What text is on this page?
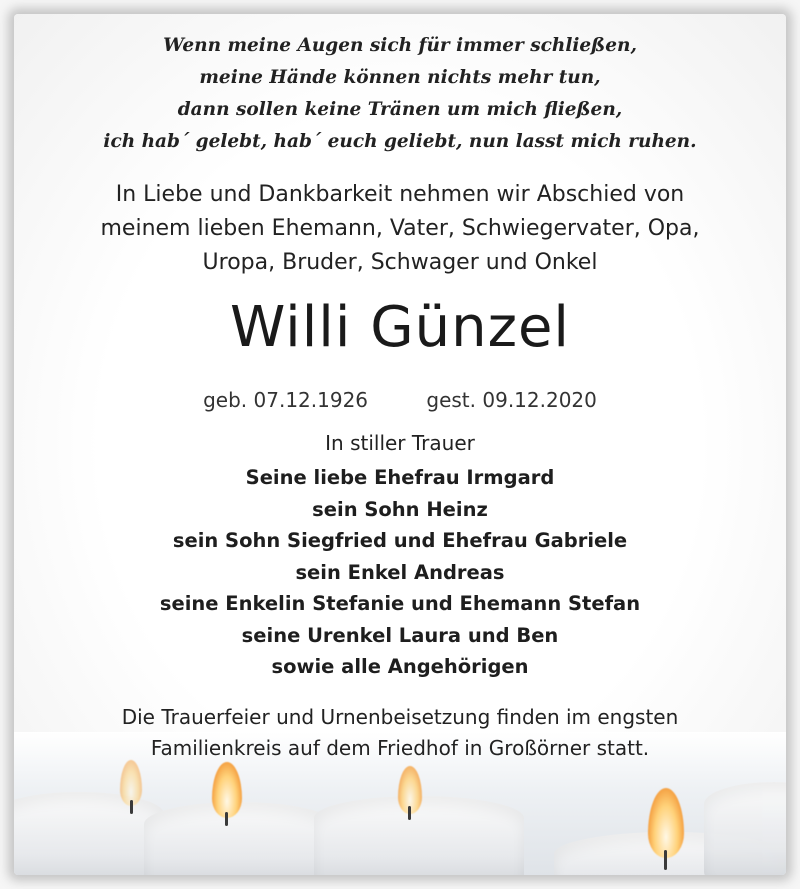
Wenn meine Augen sich für immer schließen,
meine Hände können nichts mehr tun,
dann sollen keine Tränen um mich fließen,
ich hab´ gelebt, hab´ euch geliebt, nun lasst mich ruhen.
In Liebe und Dankbarkeit nehmen wir Abschied von
meinem lieben Ehemann, Vater, Schwiegervater, Opa,
Uropa, Bruder, Schwager und Onkel
Willi Günzel
geb. 07.12.1926	gest. 09.12.2020
In stiller Trauer
Seine liebe Ehefrau Irmgard
sein Sohn Heinz
sein Sohn Siegfried und Ehefrau Gabriele
sein Enkel Andreas
seine Enkelin Stefanie und Ehemann Stefan
seine Urenkel Laura und Ben
sowie alle Angehörigen
Die Trauerfeier und Urnenbeisetzung finden im engsten
Familienkreis auf dem Friedhof in Großörner statt.
